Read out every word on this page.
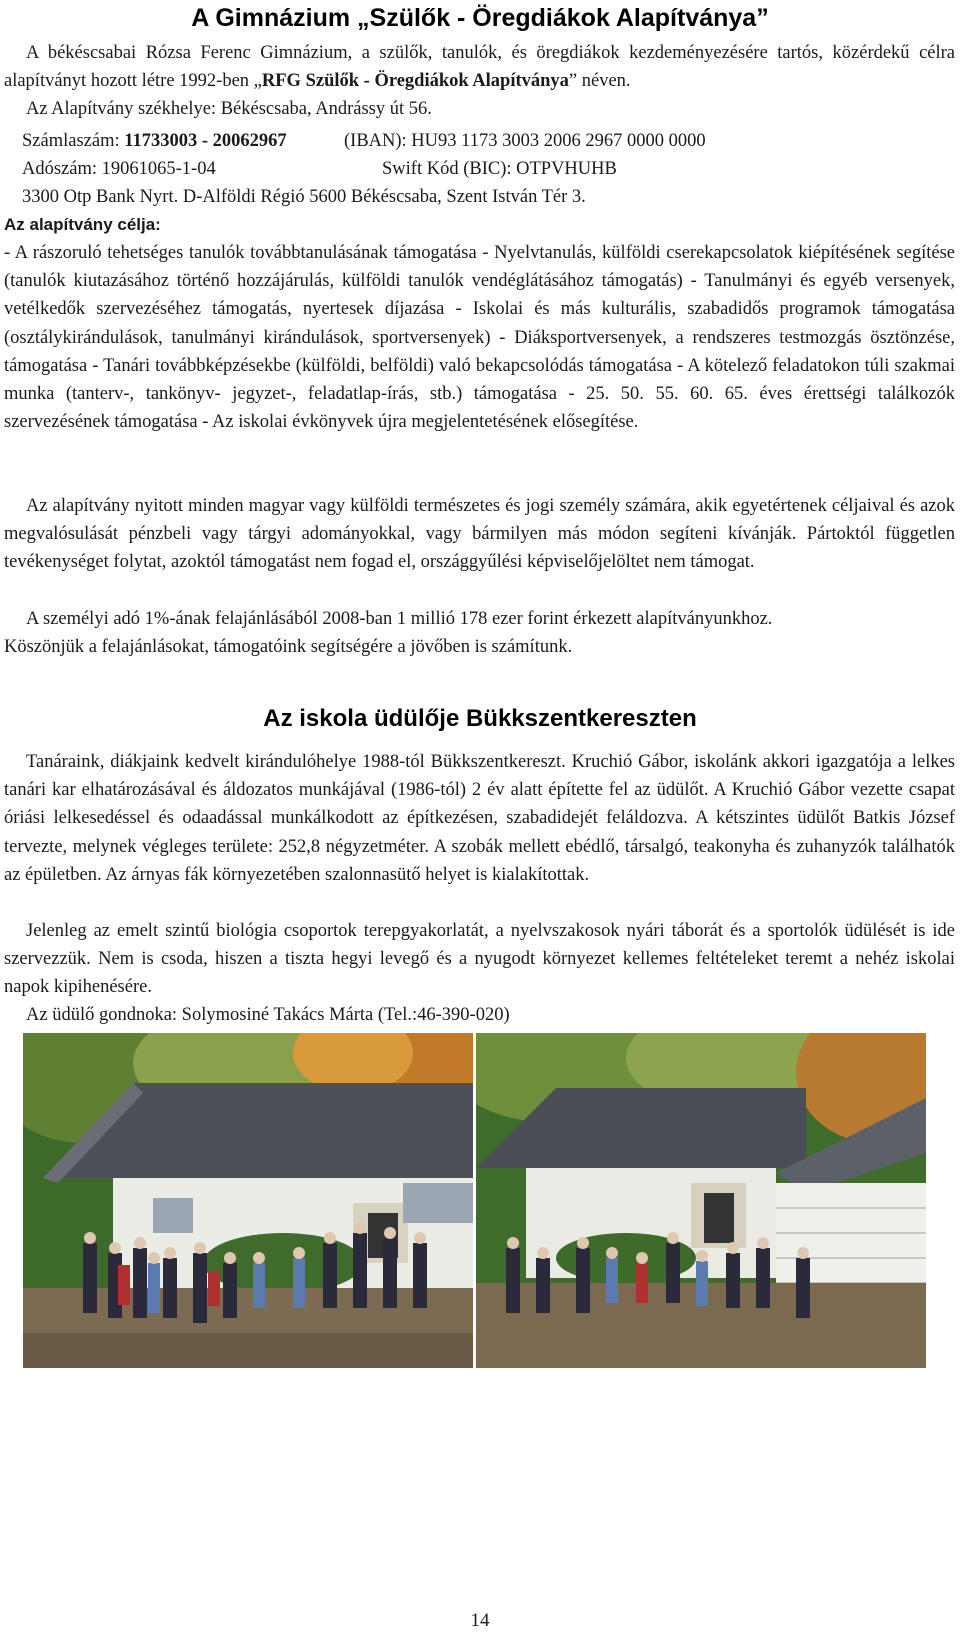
A Gimnázium „Szülők - Öregdiákok Alapítványa”

A békéscsabai Rózsa Ferenc Gimnázium, a szülők, tanulók, és öregdiákok kezdeményezésére tartós, közérdekű célra alapítványt hozott létre 1992-ben „RFG Szülők - Öregdiákok Alapítványa” néven.

Az Alapítvány székhelye: Békéscsaba, Andrássy út 56.

Számlaszám: 11733003 - 20062967	(IBAN): HU93 1173 3003 2006 2967 0000 0000
Adószám: 19061065-1-04	Swift Kód (BIC): OTPVHUHB
3300 Otp Bank Nyrt. D-Alföldi Régió 5600 Békéscsaba, Szent István Tér 3.
Az alapítvány célja:

- A rászoruló tehetséges tanulók továbbtanulásának támogatása - Nyelvtanulás, külföldi cserekapcsolatok kiépítésének segítése (tanulók kiutazásához történő hozzájárulás, külföldi tanulók vendéglátásához támogatás) - Tanulmányi és egyéb versenyek, vetélkedők szervezéséhez támogatás, nyertesek díjazása - Iskolai és más kulturális, szabadidős programok támogatása (osztálykirándulások, tanulmányi kirándulások, sportversenyek) - Diáksportversenyek, a rendszeres testmozgás ösztönzése, támogatása - Tanári továbbképzésekbe (külföldi, belföldi) való bekapcsolódás támogatása - A kötelező feladatokon túli szakmai munka (tanterv-, tankönyv- jegyzet-, feladatlap-írás, stb.) támogatása - 25. 50. 55. 60. 65. éves érettségi találkozók szervezésének támogatása - Az iskolai évkönyvek újra megjelentetésének elősegítése.

Az alapítvány nyitott minden magyar vagy külföldi természetes és jogi személy számára, akik egyetértenek céljaival és azok megvalósulását pénzbeli vagy tárgyi adományokkal, vagy bármilyen más módon segíteni kívánják. Pártoktól független tevékenységet folytat, azoktól támogatást nem fogad el, országgyűlési képviselőjelöltet nem támogat.

A személyi adó 1%-ának felajánlásából 2008-ban 1 millió 178 ezer forint érkezett alapítványunkhoz.

Köszönjük a felajánlásokat, támogatóink segítségére a jövőben is számítunk.

Az iskola üdülője Bükkszentkereszten

Tanáraink, diákjaink kedvelt kirándulóhelye 1988-tól Bükkszentkereszt. Kruchió Gábor, iskolánk akkori igazgatója a lelkes tanári kar elhatározásával és áldozatos munkájával (1986-tól) 2 év alatt építette fel az üdülőt. A Kruchió Gábor vezette csapat óriási lelkesedéssel és odaadással munkálkodott az építkezésen, szabadidejét feláldozva. A kétszintes üdülőt Batkis József tervezte, melynek végleges területe: 252,8 négyzetméter. A szobák mellett ebédlő, társalgó, teakonyha és zuhanyzók találhatók az épületben. Az árnyas fák környezetében szalonnasütő helyet is kialakítottak.

Jelenleg az emelt szintű biológia csoportok terepgyakorlatát, a nyelvszakosok nyári táborát és a sportolók üdülését is ide szervezzük. Nem is csoda, hiszen a tiszta hegyi levegő és a nyugodt környezet kellemes feltételeket teremt a nehéz iskolai napok kipihenésére.

Az üdülő gondnoka: Solymosiné Takács Márta (Tel.:46-390-020)

14
